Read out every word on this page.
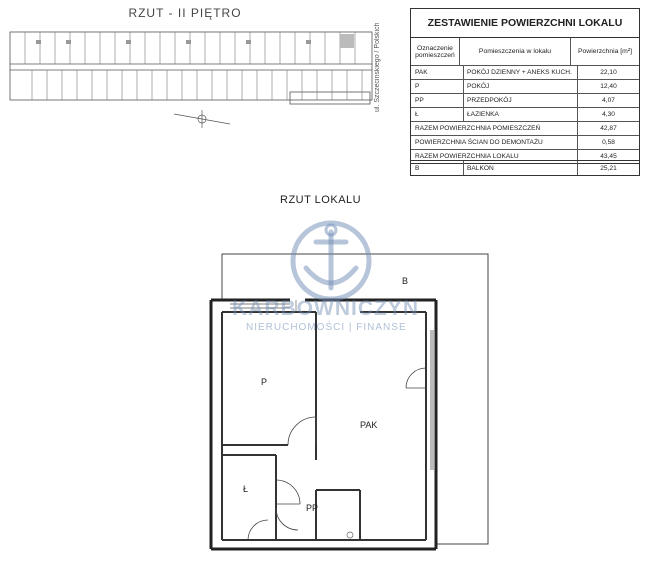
RZUT - II PIĘTRO
ul. Szczecinskiego / Polskich	ZESTAWIENIE POWIERZCHNI LOKALU
Oznaczenie pomieszczeń	Pomieszczenia w lokalu	Powierzchnia [m²]
PAK	POKÓJ DZIENNY + ANEKS KUCH.	22,10
P	POKÓJ	12,40
PP	PRZEDPOKÓJ	4,07
Ł	ŁAZIENKA	4,30
RAZEM POWIERZCHNIA POMIESZCZEŃ	42,87
POWIERZCHNIA ŚCIAN DO DEMONTAŻU	0,58
RAZEM POWIERZCHNIA LOKALU	43,45
B	BALKON	25,21
RZUT LOKALU
B
P
PAK
Ł
PP
KARBOWNICZYN
NIERUCHOMOŚCI | FINANSE
